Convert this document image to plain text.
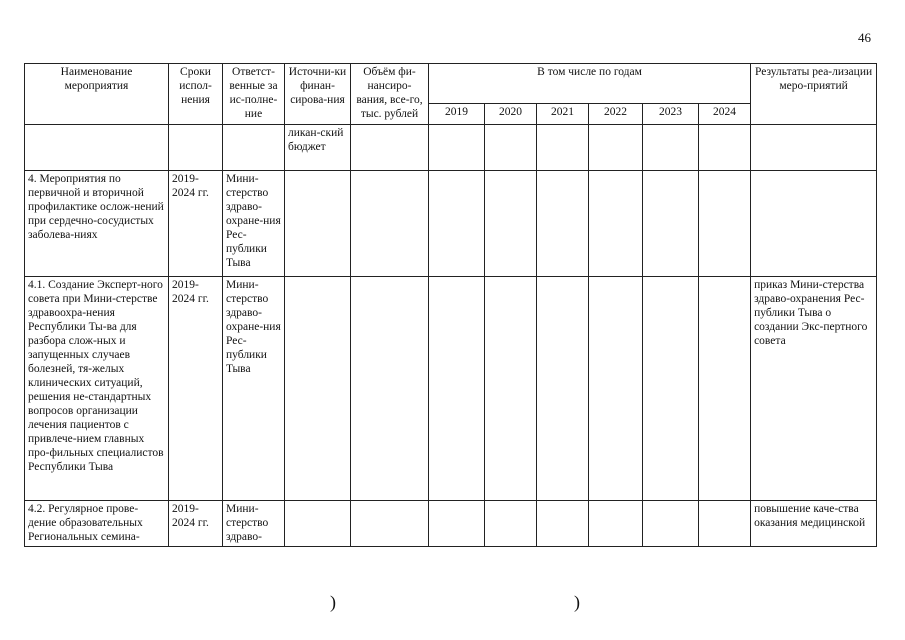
46
Наименование мероприятия	Сроки испол-нения	Ответст-венные за ис-полне-ние	Источни-ки финан-сирова-ния	Объём фи-нансиро-вания, все-го, тыс. рублей	В том числе по годам						Результаты реа-лизации меро-приятий
					2019	2020	2021	2022	2023	2024	
			ликан-ский бюджет								
4. Мероприятия по первичной и вторичной профилактике ослож-нений при сердечно-сосудистых заболева-ниях	2019-2024 гг.	Мини-стерство здраво-охране-ния Рес-публики Тыва									
4.1. Создание Эксперт-ного совета при Мини-стерстве здравоохра-нения Республики Ты-ва для разбора слож-ных и запущенных случаев болезней, тя-желых клинических ситуаций, решения не-стандартных вопросов организации лечения пациентов с привлече-нием главных про-фильных специалистов Республики Тыва	2019-2024 гг.	Мини-стерство здраво-охране-ния Рес-публики Тыва									приказ Мини-стерства здраво-охранения Рес-публики Тыва о создании Экс-пертного совета
4.2. Регулярное прове-дение образовательных Региональных семина-	2019-2024 гг.	Мини-стерство здраво-									повышение каче-ства оказания медицинской
)	)
